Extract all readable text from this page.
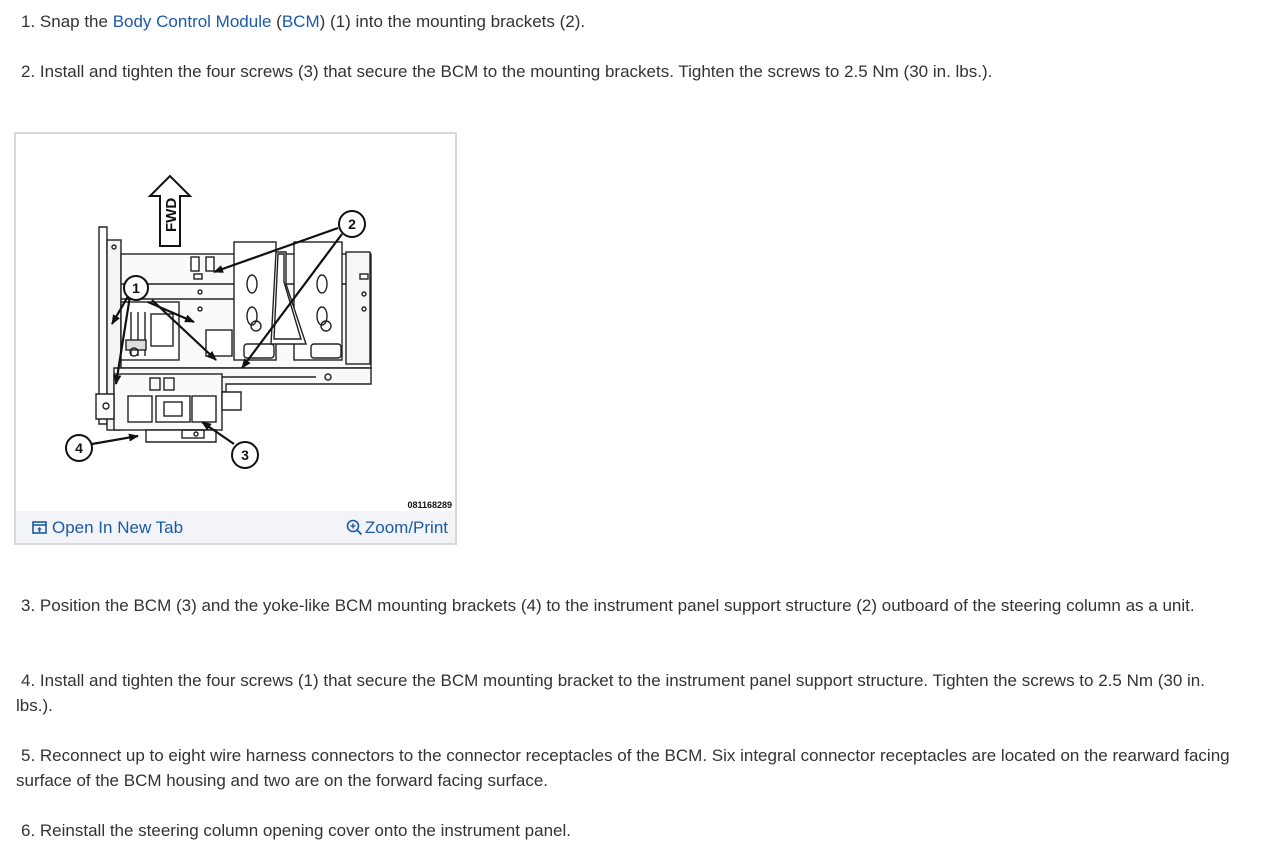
1. Snap the Body Control Module (BCM) (1) into the mounting brackets (2).

2. Install and tighten the four screws (3) that secure the BCM to the mounting brackets. Tighten the screws to 2.5 Nm (30 in. lbs.).

FWD
1
2
3
4
081168289
Open In New Tab	Zoom/Print

3. Position the BCM (3) and the yoke-like BCM mounting brackets (4) to the instrument panel support structure (2) outboard of the steering column as a unit.

4. Install and tighten the four screws (1) that secure the BCM mounting bracket to the instrument panel support structure. Tighten the screws to 2.5 Nm (30 in. lbs.).

5. Reconnect up to eight wire harness connectors to the connector receptacles of the BCM. Six integral connector receptacles are located on the rearward facing surface of the BCM housing and two are on the forward facing surface.

6. Reinstall the steering column opening cover onto the instrument panel.
